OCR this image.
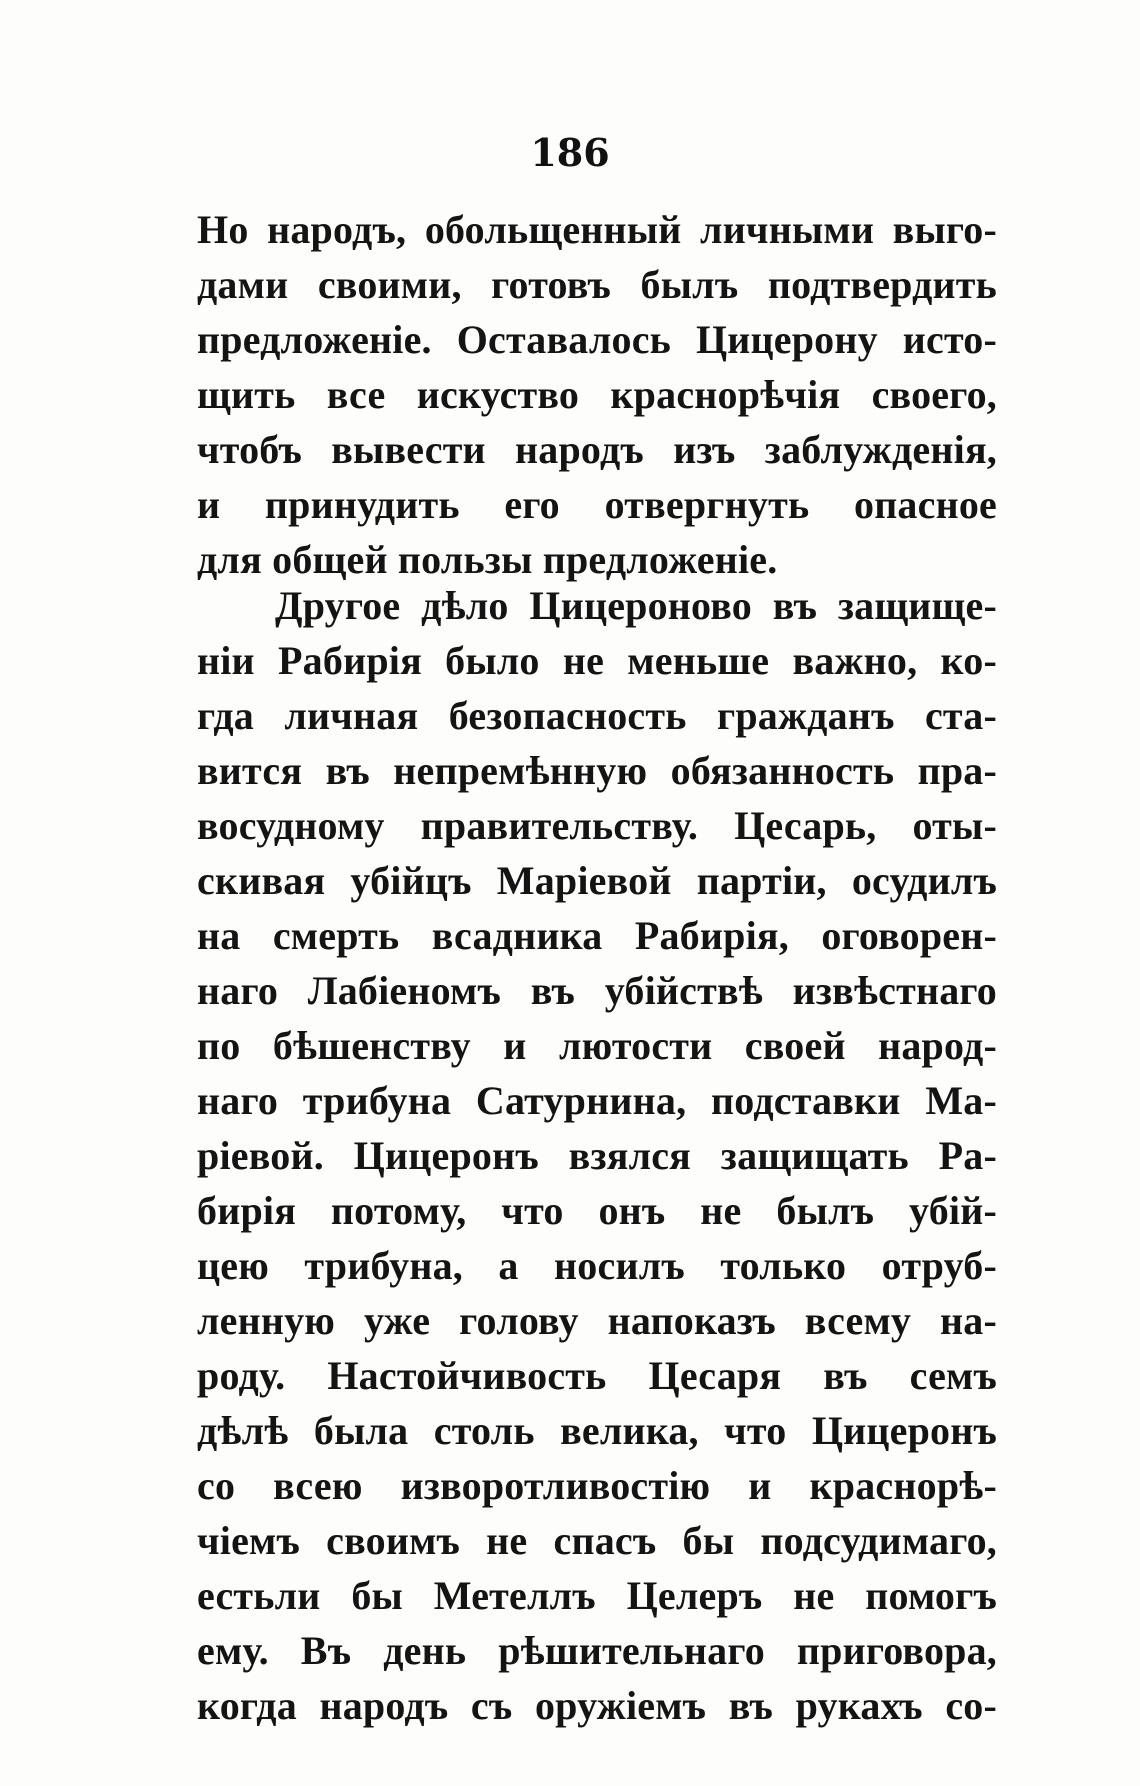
186
Но народъ, обольщенный личными выго-
дами своими, готовъ былъ подтвердить
предложеніе. Оставалось Цицерону исто-
щить все искуство краснорѣчія своего,
чтобъ вывести народъ изъ заблужденія,
и принудить его отвергнуть опасное
для общей пользы предложеніе.
Другое дѣло Цицероново въ защище-
ніи Рабирія было не меньше важно, ко-
гда личная безопасность гражданъ ста-
вится въ непремѣнную обязанность пра-
восудному правительству. Цесарь, оты-
скивая убійцъ Маріевой партіи, осудилъ
на смерть всадника Рабирія, оговорен-
наго Лабіеномъ въ убійствѣ извѣстнаго
по бѣшенству и лютости своей народ-
наго трибуна Сатурнина, подставки Ма-
ріевой. Цицеронъ взялся защищать Ра-
бирія потому, что онъ не былъ убій-
цею трибуна, а носилъ только отруб-
ленную уже голову напоказъ всему на-
роду. Настойчивость Цесаря въ семъ
дѣлѣ была столь велика, что Цицеронъ
со всею изворотливостію и краснорѣ-
чіемъ своимъ не спасъ бы подсудимаго,
естьли бы Метеллъ Целеръ не помогъ
ему. Въ день рѣшительнаго приговора,
когда народъ съ оружіемъ въ рукахъ со-
